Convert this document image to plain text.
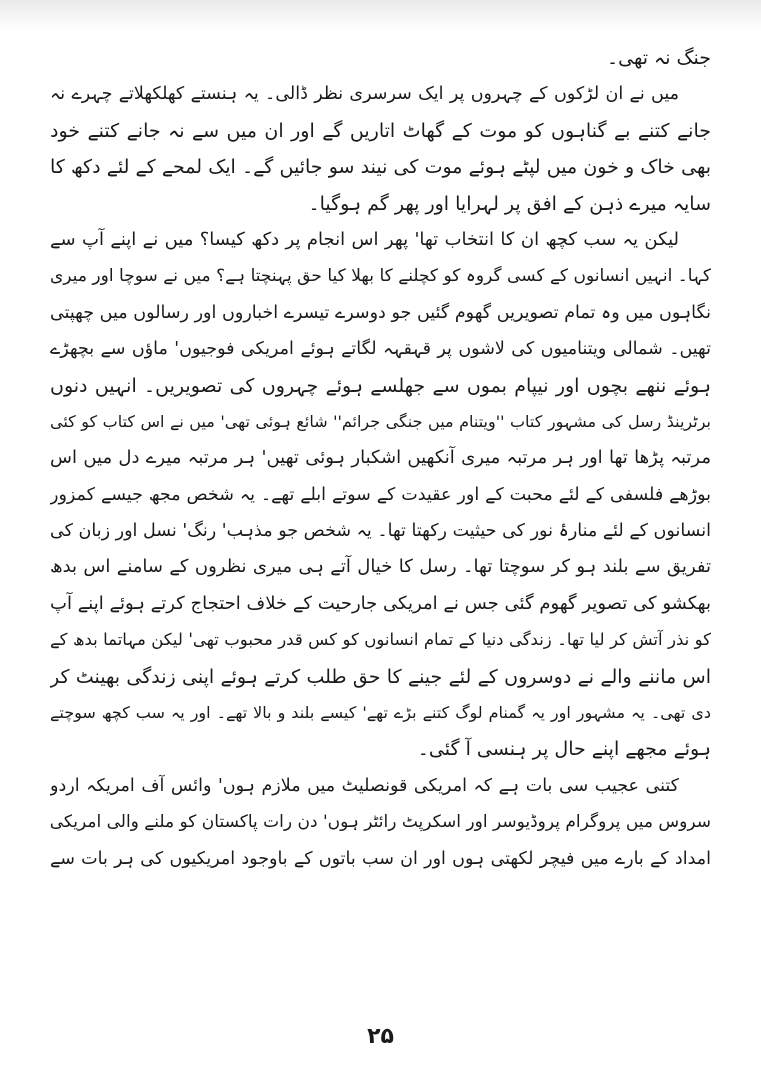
جنگ نہ تھی۔
میں نے ان لڑکوں کے چہروں پر ایک سرسری نظر ڈالی۔ یہ ہنستے کھلکھلاتے چہرے نہ
جانے کتنے بے گناہوں کو موت کے گھاٹ اتاریں گے اور ان میں سے نہ جانے کتنے خود
بھی خاک و خون میں لپٹے ہوئے موت کی نیند سو جائیں گے۔ ایک لمحے کے لئے دکھ کا
سایہ میرے ذہن کے افق پر لہرایا اور پھر گم ہوگیا۔
لیکن یہ سب کچھ ان کا انتخاب تھا' پھر اس انجام پر دکھ کیسا؟ میں نے اپنے آپ سے
کہا۔ انہیں انسانوں کے کسی گروہ کو کچلنے کا بھلا کیا حق پہنچتا ہے؟ میں نے سوچا اور میری
نگاہوں میں وہ تمام تصویریں گھوم گئیں جو دوسرے تیسرے اخباروں اور رسالوں میں چھپتی
تھیں۔ شمالی ویتنامیوں کی لاشوں پر قہقہہ لگاتے ہوئے امریکی فوجیوں' ماؤں سے بچھڑے
ہوئے ننھے بچوں اور نیپام بموں سے جھلسے ہوئے چہروں کی تصویریں۔ انہیں دنوں
برٹرینڈ رسل کی مشہور کتاب ''ویتنام میں جنگی جرائم'' شائع ہوئی تھی' میں نے اس کتاب کو کئی
مرتبہ پڑھا تھا اور ہر مرتبہ میری آنکھیں اشکبار ہوئی تھیں' ہر مرتبہ میرے دل میں اس
بوڑھے فلسفی کے لئے محبت کے اور عقیدت کے سوتے ابلے تھے۔ یہ شخص مجھ جیسے کمزور
انسانوں کے لئے منارۂ نور کی حیثیت رکھتا تھا۔ یہ شخص جو مذہب' رنگ' نسل اور زبان کی
تفریق سے بلند ہو کر سوچتا تھا۔ رسل کا خیال آتے ہی میری نظروں کے سامنے اس بدھ
بھکشو کی تصویر گھوم گئی جس نے امریکی جارحیت کے خلاف احتجاج کرتے ہوئے اپنے آپ
کو نذر آتش کر لیا تھا۔ زندگی دنیا کے تمام انسانوں کو کس قدر محبوب تھی' لیکن مہاتما بدھ کے
اس ماننے والے نے دوسروں کے لئے جینے کا حق طلب کرتے ہوئے اپنی زندگی بھینٹ کر
دی تھی۔ یہ مشہور اور یہ گمنام لوگ کتنے بڑے تھے' کیسے بلند و بالا تھے۔ اور یہ سب کچھ سوچتے
ہوئے مجھے اپنے حال پر ہنسی آ گئی۔
کتنی عجیب سی بات ہے کہ امریکی قونصلیٹ میں ملازم ہوں' وائس آف امریکہ اردو
سروس میں پروگرام پروڈیوسر اور اسکرپٹ رائٹر ہوں' دن رات پاکستان کو ملنے والی امریکی
امداد کے بارے میں فیچر لکھتی ہوں اور ان سب باتوں کے باوجود امریکیوں کی ہر بات سے
۲۵
